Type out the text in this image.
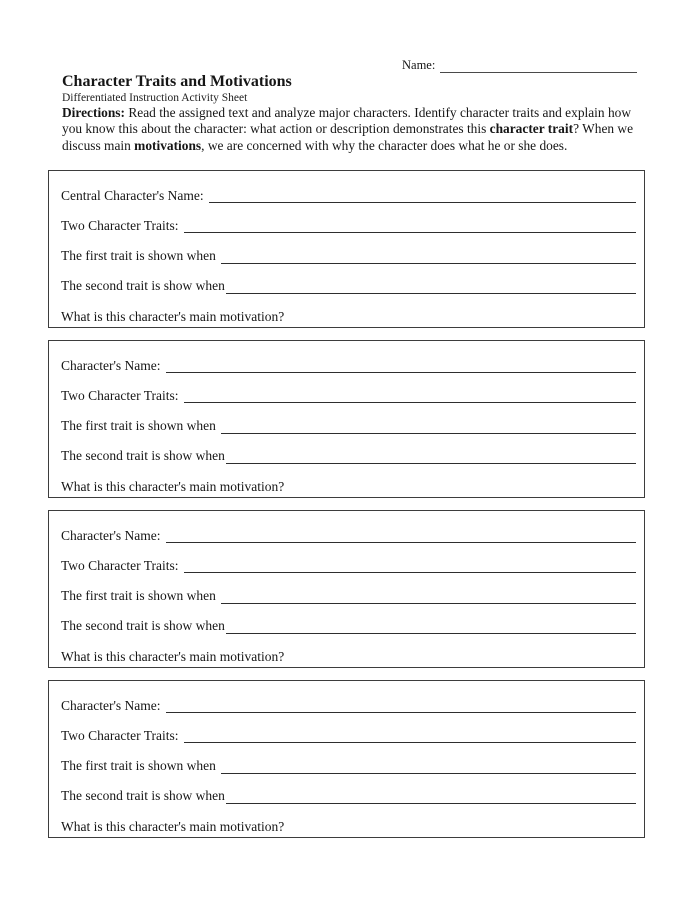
Name:
Character Traits and Motivations
Differentiated Instruction Activity Sheet

Directions: Read the assigned text and analyze major characters. Identify character traits and explain how you know this about the character: what action or description demonstrates this character trait? When we discuss main motivations, we are concerned with why the character does what he or she does.

Central Character's Name:
Two Character Traits:
The first trait is shown when
The second trait is show when
What is this character's main motivation?
Character's Name:
Two Character Traits:
The first trait is shown when
The second trait is show when
What is this character's main motivation?
Character's Name:
Two Character Traits:
The first trait is shown when
The second trait is show when
What is this character's main motivation?
Character's Name:
Two Character Traits:
The first trait is shown when
The second trait is show when
What is this character's main motivation?
